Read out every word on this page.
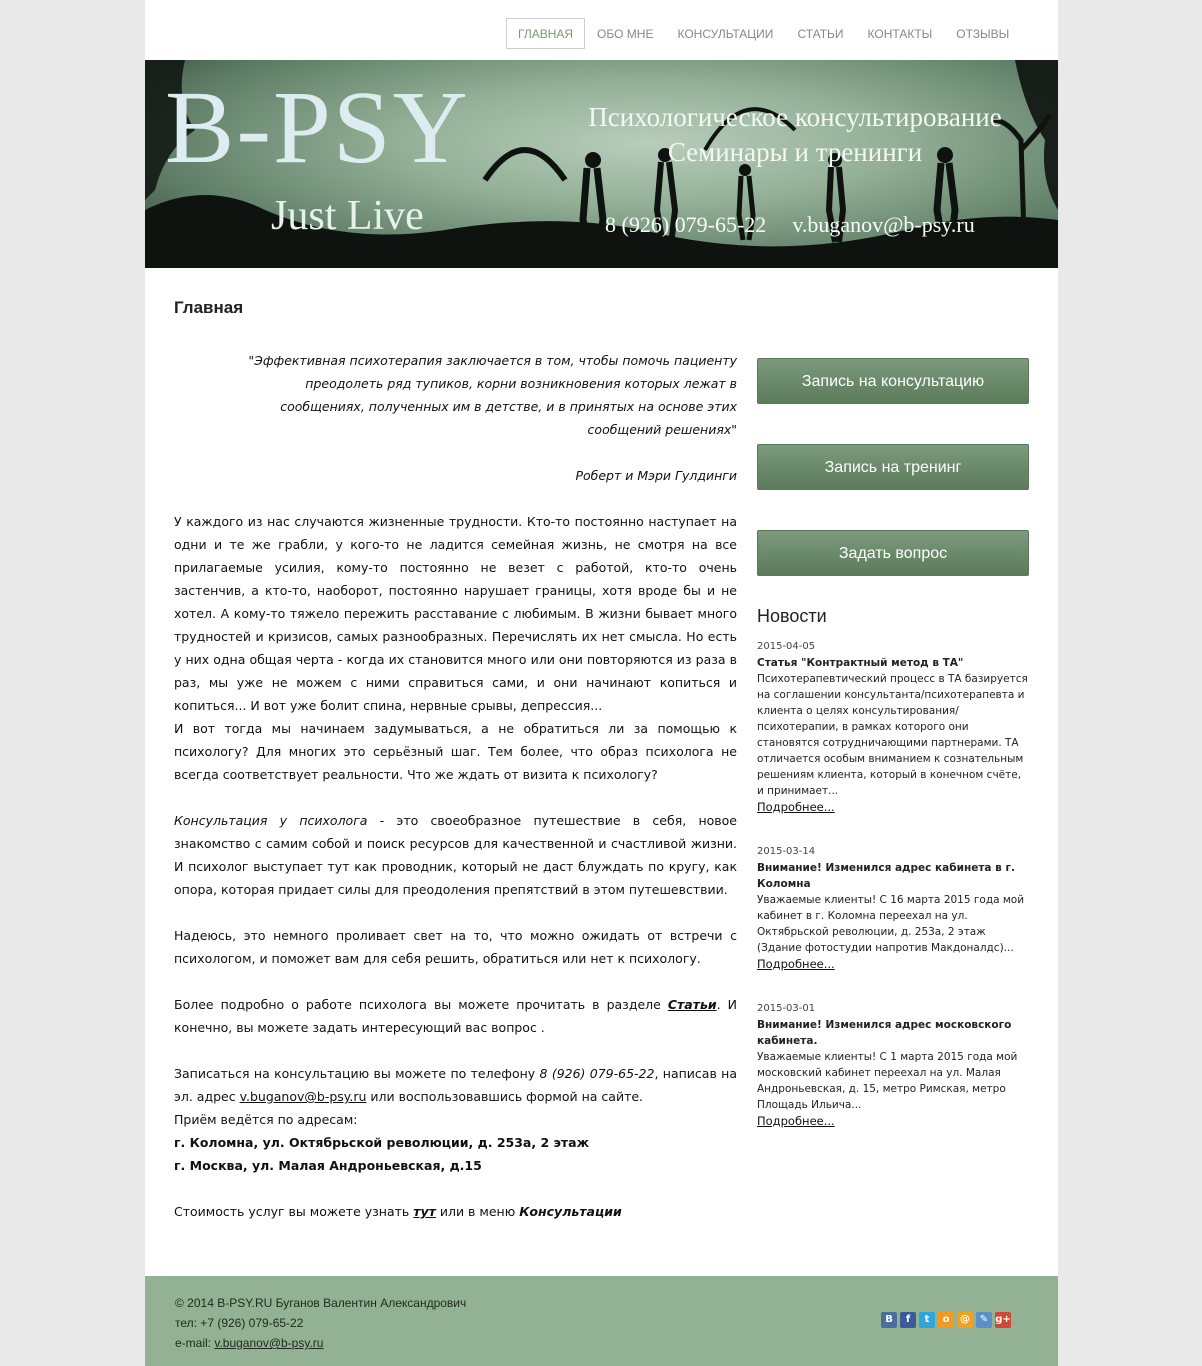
ГЛАВНАЯ	ОБО МНЕ	КОНСУЛЬТАЦИИ	СТАТЬИ	КОНТАКТЫ	ОТЗЫВЫ
B-PSY
Just Live
Психологическое консультирование
Семинары и тренинги
8 (926) 079-65-22 v.buganov@b-psy.ru
Главная
"Эффективная психотерапия заключается в том, чтобы помочь пациенту преодолеть ряд тупиков, корни возникновения которых лежат в сообщениях, полученных им в детстве, и в принятых на основе этих сообщений решениях"
Роберт и Мэри Гулдинги

У каждого из нас случаются жизненные трудности. Кто-то постоянно наступает на одни и те же грабли, у кого-то не ладится семейная жизнь, не смотря на все прилагаемые усилия, кому-то постоянно не везет с работой, кто-то очень застенчив, а кто-то, наоборот, постоянно нарушает границы, хотя вроде бы и не хотел. А кому-то тяжело пережить расставание с любимым. В жизни бывает много трудностей и кризисов, самых разнообразных. Перечислять их нет смысла. Но есть у них одна общая черта - когда их становится много или они повторяются из раза в раз, мы уже не можем с ними справиться сами, и они начинают копиться и копиться... И вот уже болит спина, нервные срывы, депрессия...

И вот тогда мы начинаем задумываться, а не обратиться ли за помощью к психологу? Для многих это серьёзный шаг. Тем более, что образ психолога не всегда соответствует реальности. Что же ждать от визита к психологу?

Консультация у психолога - это своеобразное путешествие в себя, новое знакомство с самим собой и поиск ресурсов для качественной и счастливой жизни. И психолог выступает тут как проводник, который не даст блуждать по кругу, как опора, которая придает силы для преодоления препятствий в этом путешевствии.

Надеюсь, это немного проливает свет на то, что можно ожидать от встречи с психологом, и поможет вам для себя решить, обратиться или нет к психологу.

Более подробно о работе психолога вы можете прочитать в разделе Статьи. И конечно, вы можете задать интересующий вас вопрос .

Записаться на консультацию вы можете по телефону 8 (926) 079-65-22, написав на эл. адрес v.buganov@b-psy.ru или воспользовавшись формой на сайте.

Приём ведётся по адресам:
г. Коломна, ул. Октябрьской революции, д. 253а, 2 этаж
г. Москва, ул. Малая Андроньевская, д.15

Стоимость услуг вы можете узнать тут или в меню Консультации

Запись на консультацию
Запись на тренинг
Задать вопрос
Новости
2015-04-05
Статья "Контрактный метод в ТА"
Психотерапевтический процесс в ТА базируется на соглашении консультанта/психотерапевта и клиента о целях консультирования/психотерапии, в рамках которого они становятся сотрудничающими партнерами. ТА отличается особым вниманием к сознательным решениям клиента, который в конечном счёте, и принимает...
Подробнее...
2015-03-14
Внимание! Изменился адрес кабинета в г. Коломна
Уважаемые клиенты! С 16 марта 2015 года мой кабинет в г. Коломна переехал на ул. Октябрьской революции, д. 253а, 2 этаж (Здание фотостудии напротив Макдоналдс)...
Подробнее...
2015-03-01
Внимание! Изменился адрес московского кабинета.
Уважаемые клиенты! С 1 марта 2015 года мой московский кабинет переехал на ул. Малая Андроньевская, д. 15, метро Римская, метро Площадь Ильича...
Подробнее...
© 2014 B-PSY.RU Буганов Валентин Александрович
тел: +7 (926) 079-65-22
e-mail: v.buganov@b-psy.ru
B	f	t	o	@ ✎ g+
